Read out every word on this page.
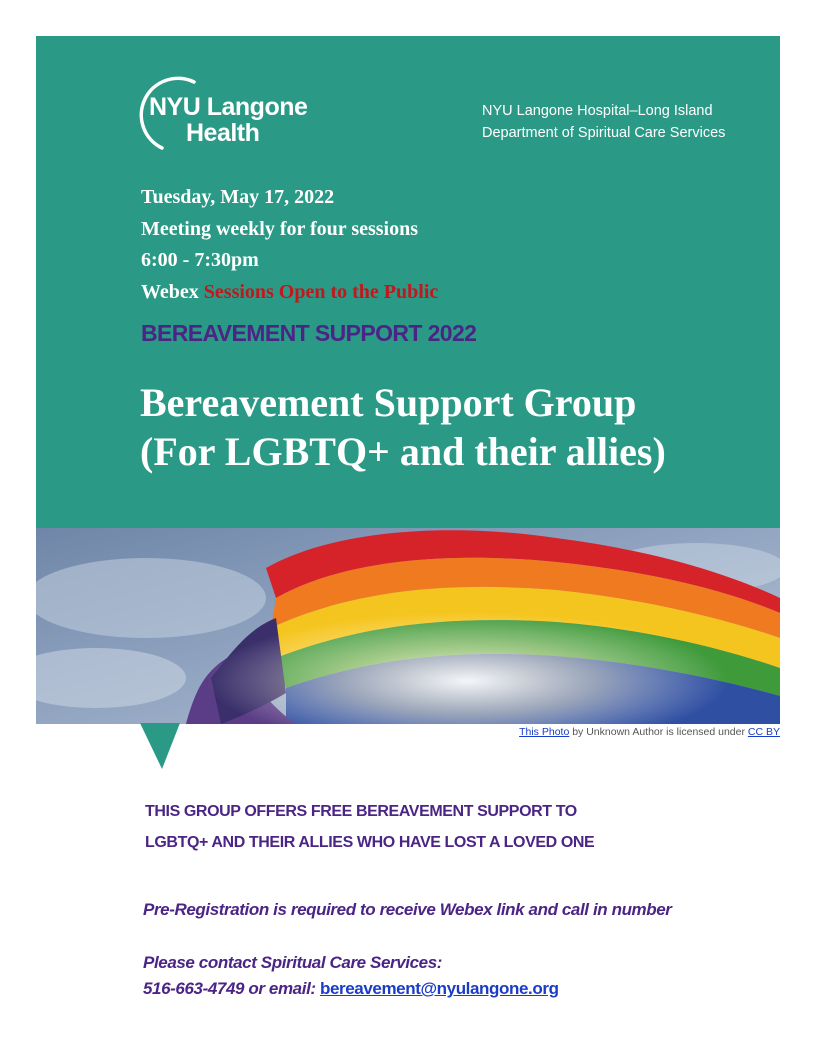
NYU Langone
Health
NYU Langone Hospital–Long Island
Department of Spiritual Care Services
Tuesday, May 17, 2022
Meeting weekly for four sessions
6:00 - 7:30pm
Webex Sessions Open to the Public
BEREAVEMENT SUPPORT 2022
Bereavement Support Group
(For LGBTQ+ and their allies)
This Photo by Unknown Author is licensed under CC BY
THIS GROUP OFFERS FREE BEREAVEMENT SUPPORT TO
LGBTQ+ AND THEIR ALLIES WHO HAVE LOST A LOVED ONE
Pre-Registration is required to receive Webex link and call in number
Please contact Spiritual Care Services:
516-663-4749 or email: bereavement@nyulangone.org
